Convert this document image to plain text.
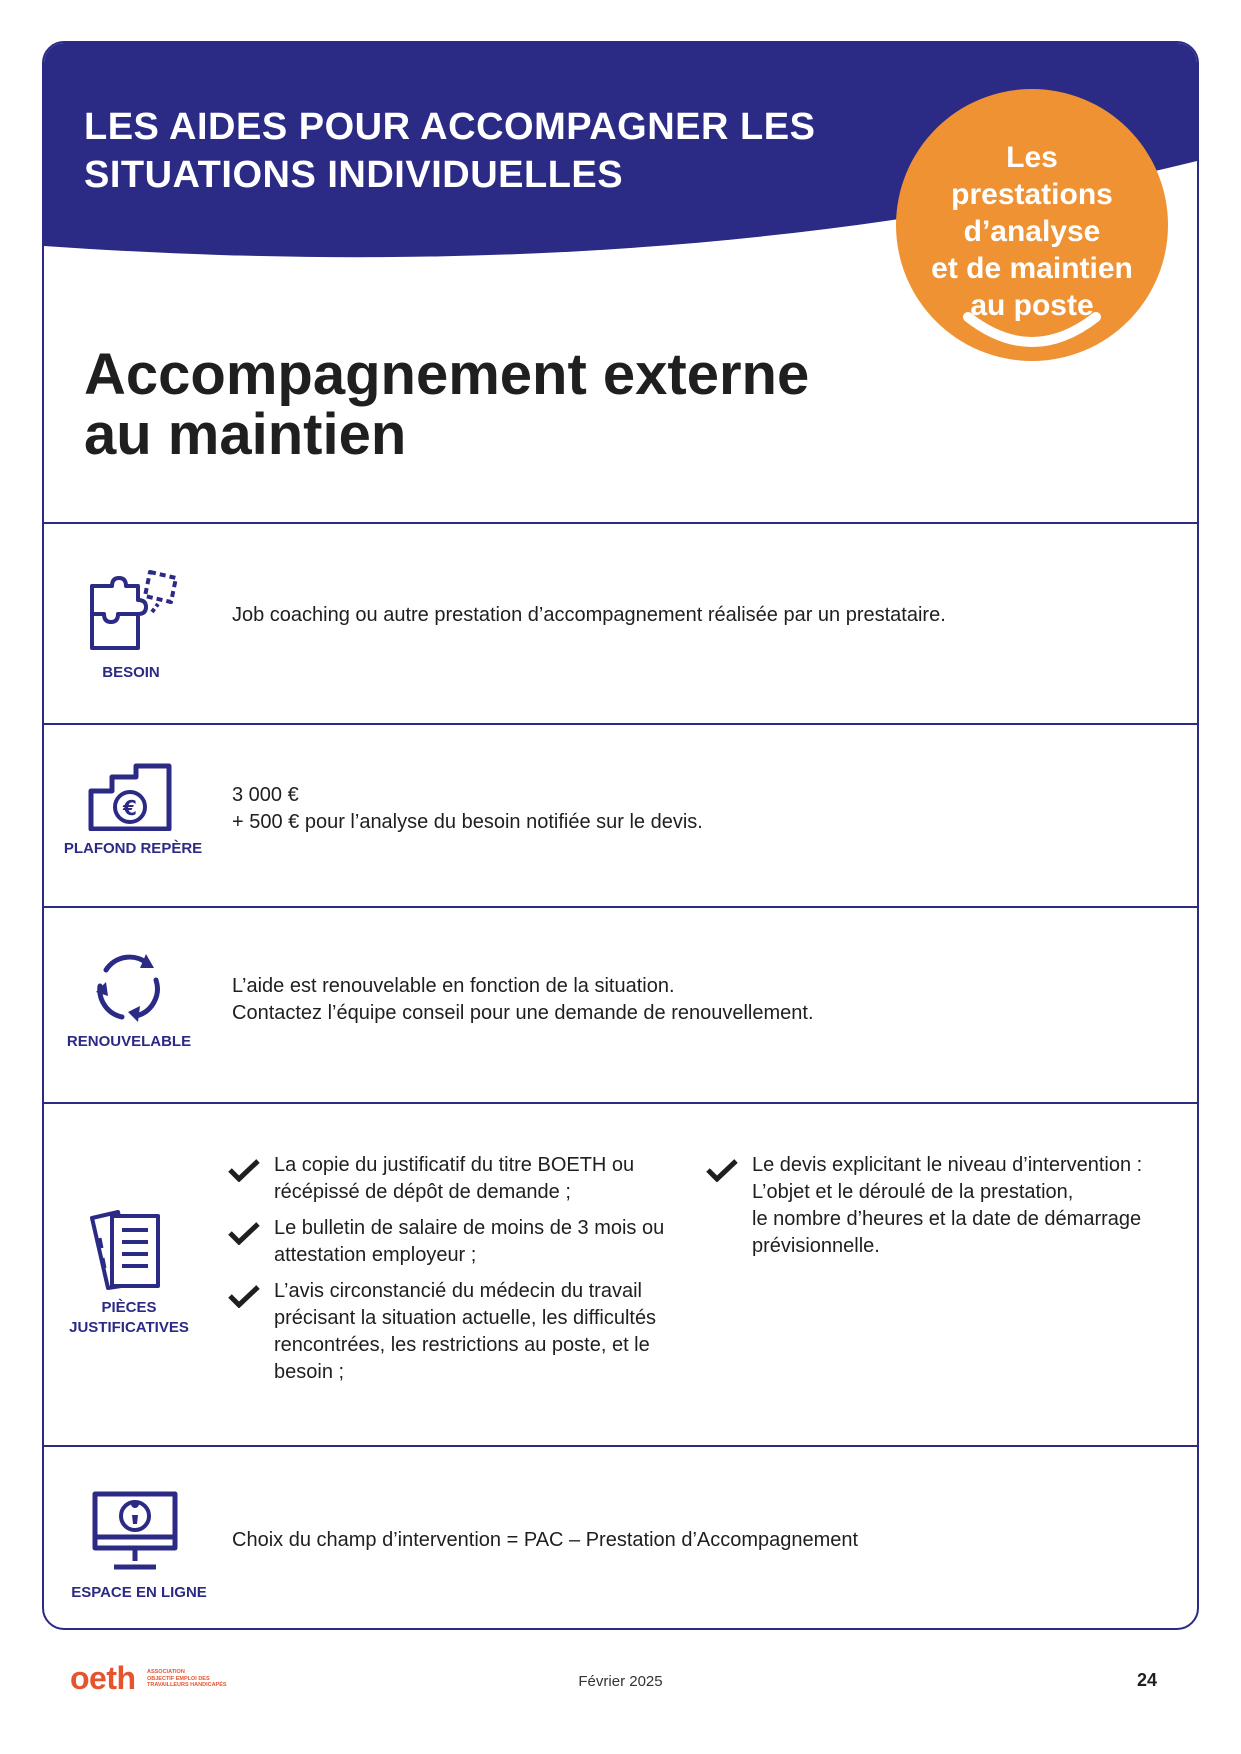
LES AIDES POUR ACCOMPAGNER LES
SITUATIONS INDIVIDUELLES	Les
prestations
d’analyse
et de maintien
au poste
Accompagnement externe
au maintien
BESOIN
Job coaching ou autre prestation d’accompagnement réalisée par un prestataire.
€
PLAFOND REPÈRE
3 000 €
+ 500 € pour l’analyse du besoin notifiée sur le devis.
RENOUVELABLE
L’aide est renouvelable en fonction de la situation.
Contactez l’équipe conseil pour une demande de renouvellement.
PIÈCES
JUSTIFICATIVES
La copie du justificatif du titre BOETH ou
récépissé de dépôt de demande ;
Le bulletin de salaire de moins de 3 mois ou
attestation employeur ;
L’avis circonstancié du médecin du travail
précisant la situation actuelle, les difficultés
rencontrées, les restrictions au poste, et le
besoin ;
Le devis explicitant le niveau d’intervention :
L’objet et le déroulé de la prestation,
le nombre d’heures et la date de démarrage
prévisionnelle.
ESPACE EN LIGNE
Choix du champ d’intervention = PAC – Prestation d’Accompagnement
oeth ASSOCIATION
OBJECTIF EMPLOI DES
TRAVAILLEURS HANDICAPÉS	Février 2025	24
